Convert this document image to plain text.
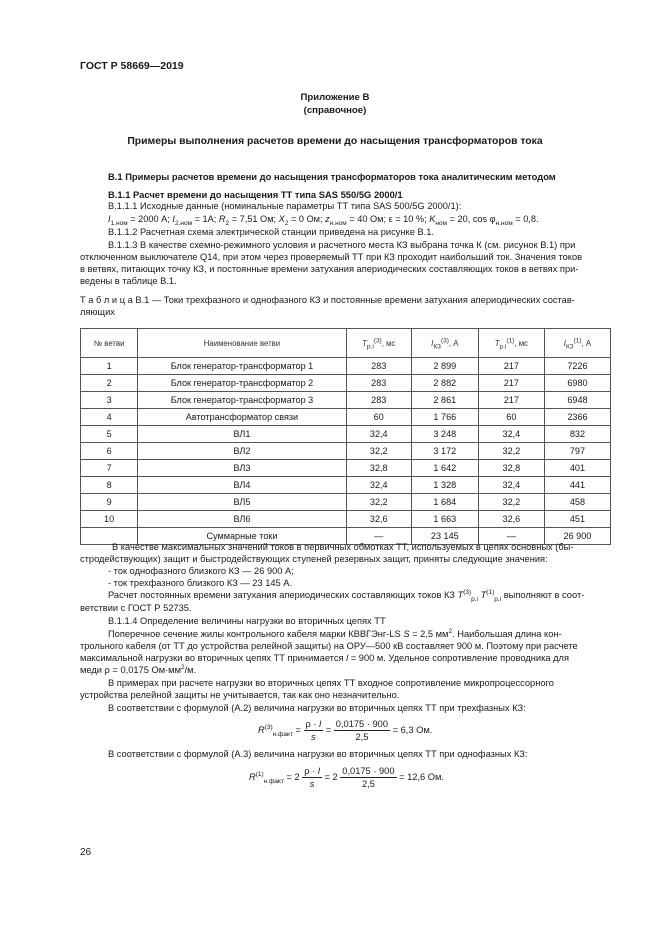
ГОСТ Р 58669—2019
Приложение В
(справочное)
Примеры выполнения расчетов времени до насыщения трансформаторов тока
В.1 Примеры расчетов времени до насыщения трансформаторов тока аналитическим методом
В.1.1 Расчет времени до насыщения ТТ типа SAS 550/5G 2000/1
В.1.1.1 Исходные данные (номинальные параметры ТТ типа SAS 500/5G 2000/1):
$I_{1.ном} = 2000$ А; $I_{2.ном} = 1А$; $R_2 = 7,51$ Ом; $X_2 = 0$ Ом; $z_{н.ном} = 40$ Ом; ε = 10 %; $K_{ном} = 20$, $\cos \varphi_{н.ном} = 0,8$.
В.1.1.2 Расчетная схема электрической станции приведена на рисунке В.1.
В.1.1.3 В качестве схемно-режимного условия и расчетного места КЗ выбрана точка К (см. рисунок В.1) при
отключенном выключателе Q14, при этом через проверяемый ТТ при КЗ проходит наибольший ток. Значения токов
в ветвях, питающих точку КЗ, и постоянные времени затухания апериодических составляющих токов в ветвях при-
ведены в таблице В.1.
Т а б л и ц а В.1 — Токи трехфазного и однофазного КЗ и постоянные времени затухания апериодических состав-
ляющих
№ ветви	Наименование ветви	$T_{р.i}^{(3)}$, мс	$I_{КЗ}^{(3)}$, А	$T_{р.i}^{(1)}$, мс	$I_{КЗ}^{(1)}$, А
1	Блок генератор-трансформатор 1	283	2 899	217	7226
2	Блок генератор-трансформатор 2	283	2 882	217	6980
3	Блок генератор-трансформатор 3	283	2 861	217	6948
4	Автотрансформатор связи	60	1 766	60	2366
5	ВЛ1	32,4	3 248	32,4	832
6	ВЛ2	32,2	3 172	32,2	797
7	ВЛ3	32,8	1 642	32,8	401
8	ВЛ4	32,4	1 328	32,4	441
9	ВЛ5	32,2	1 684	32,2	458
10	ВЛ6	32,6	1 663	32,6	451
	Суммарные токи	—	23 145	—	26 900
В качестве максимальных значений токов в первичных обмотках ТТ, используемых в цепях основных (бы-
стродействующих) защит и быстродействующих ступеней резервных защит, приняты следующие значения:
- ток однофазного близкого КЗ — 26 900 А;
- ток трехфазного близкого КЗ — 23 145 А.
Расчет постоянных времени затухания апериодических составляющих токов КЗ $T^{(3)}_{р,i}$ $T^{(1)}_{р,i}$ выполняют в соот-
ветствии с ГОСТ Р 52735.
В.1.1.4 Определение величины нагрузки во вторичных цепях ТТ
Поперечное сечение жилы контрольного кабеля марки КВВГЭнг-LS S = 2,5 $мм^2$. Наибольшая длина кон-
трольного кабеля (от ТТ до устройства релейной защиты) на ОРУ—500 кВ составляет 900 м. Поэтому при расчете
максимальной нагрузки во вторичных цепях ТТ принимается l = 900 м. Удельное сопротивление проводника для
меди ρ = 0,0175 $Ом\cdot мм^2/м$.
В примерах при расчете нагрузки во вторичных цепях ТТ входное сопротивление микропроцессорного
устройства релейной защиты не учитывается, так как оно незначительно.
В соответствии с формулой (А.2) величина нагрузки во вторичных цепях ТТ при трехфазных КЗ:
$R^{(3)}_{н.факт} = \frac{\rho \cdot l}{s} = \frac{0,0175 \cdot 900}{2,5} = 6,3$ Ом.
В соответствии с формулой (А.3) величина нагрузки во вторичных цепях ТТ при однофазных КЗ:
$R^{(1)}_{н.факт} = 2 \frac{\rho \cdot l}{s} = 2 \frac{0,0175 \cdot 900}{2,5} = 12,6$ Ом.
26
